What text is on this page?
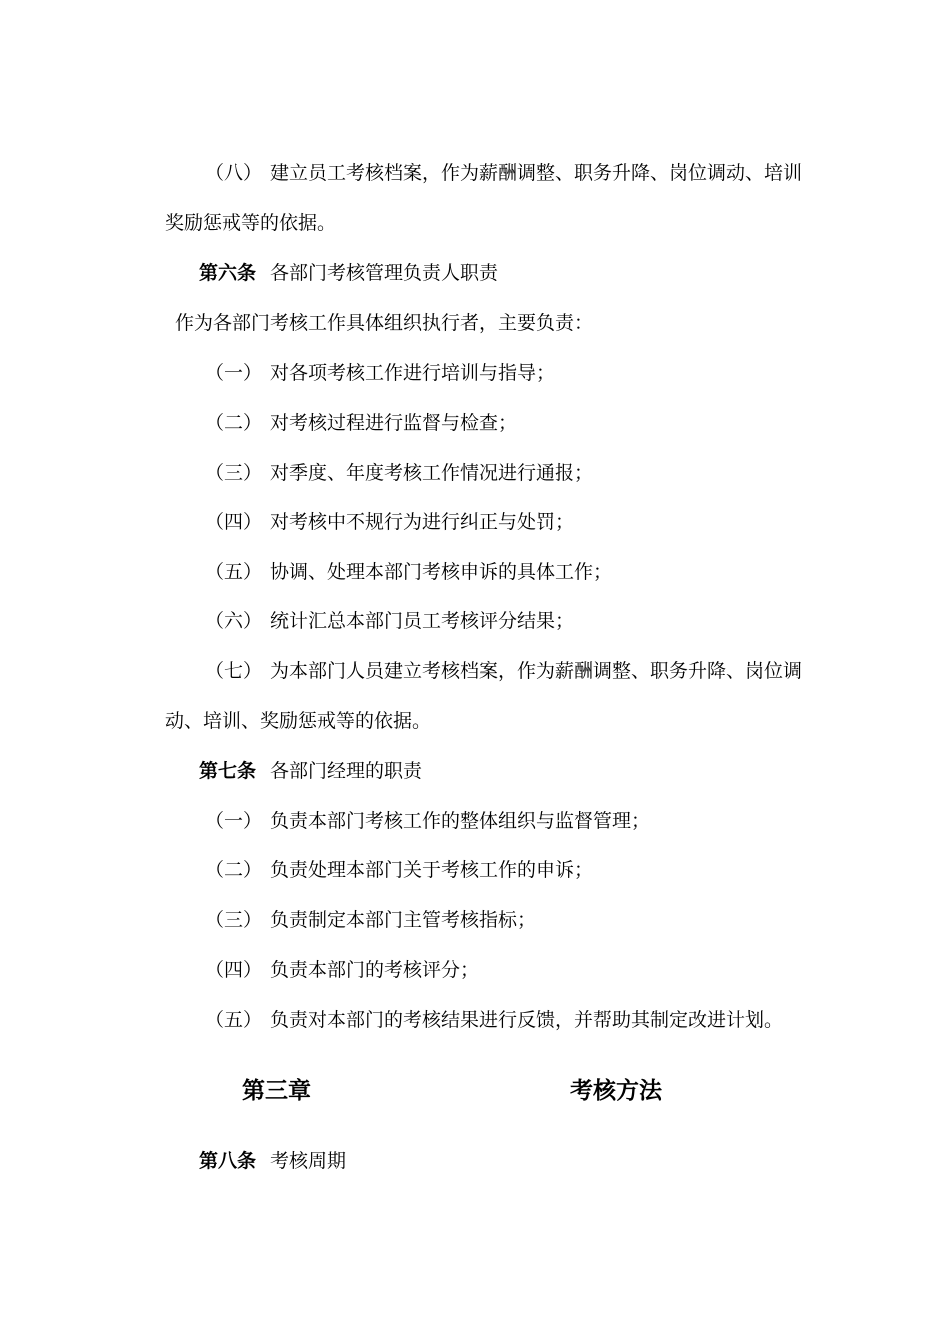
（八） 建立员工考核档案，作为薪酬调整、职务升降、岗位调动、培训
奖励惩戒等的依据。
第六条 各部门考核管理负责人职责
作为各部门考核工作具体组织执行者，主要负责：
（一） 对各项考核工作进行培训与指导；
（二） 对考核过程进行监督与检查；
（三） 对季度、年度考核工作情况进行通报；
（四） 对考核中不规行为进行纠正与处罚；
（五） 协调、处理本部门考核申诉的具体工作；
（六） 统计汇总本部门员工考核评分结果；
（七） 为本部门人员建立考核档案，作为薪酬调整、职务升降、岗位调
动、培训、奖励惩戒等的依据。
第七条 各部门经理的职责
（一） 负责本部门考核工作的整体组织与监督管理；
（二） 负责处理本部门关于考核工作的申诉；
（三） 负责制定本部门主管考核指标；
（四） 负责本部门的考核评分；
（五） 负责对本部门的考核结果进行反馈，并帮助其制定改进计划。
第三章	考核方法
第八条 考核周期
